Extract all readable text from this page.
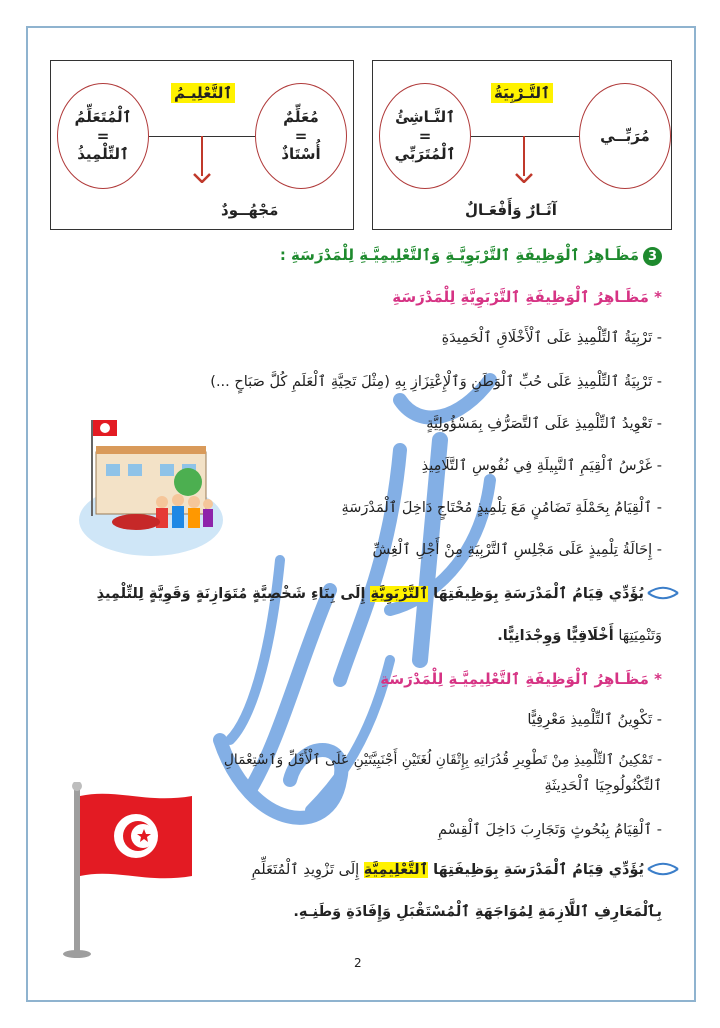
ٱلتَّعْلِيـمُ
ٱلْمُتَعَلِّمُ
=
ٱلتِّلْمِيذُ
مُعَلِّمٌ
=
أُسْتَاذٌ
مَجْهُــودٌ
ٱلتَّـرْبِيَةُ
ٱلنَّـاشِئُ
=
ٱلْمُتَرَبِّي
مُرَبِّــي
آثَـارٌ وَأَفْعَـالٌ
3مَظَـاهِرُ ٱلْوَظِيفَةِ ٱلتَّرْبَوِيَّـةِ وَٱلتَّعْلِيمِيَّـةِ لِلْمَدْرَسَةِ :
* مَظَـاهِرُ ٱلْوَظِيفَةِ ٱلتَّرْبَوِيَّةِ لِلْمَدْرَسَةِ
- تَرْبِيَةُ ٱلتِّلْمِيذِ عَلَى ٱلْأَخْلَاقِ ٱلْحَمِيدَةِ
- تَرْبِيَةُ ٱلتِّلْمِيذِ عَلَى حُبِّ ٱلْوَطَنِ وَٱلْإِعْتِزَازِ بِهِ (مِثْلَ تَحِيَّةِ ٱلْعَلَمِ كُلَّ صَبَاحٍ ...)
- تَعْوِيدُ ٱلتِّلْمِيذِ عَلَى ٱلتَّصَرُّفِ بِمَسْؤُولِيَّةٍ
- غَرْسُ ٱلْقِيَمِ ٱلنَّبِيلَةِ فِي نُفُوسِ ٱلتَّلَامِيذِ
- ٱلْقِيَامُ بِحَمْلَةِ تَضَامُنٍ مَعَ تِلْمِيذٍ مُحْتَاجٍ دَاخِلَ ٱلْمَدْرَسَةِ
- إِحَالَةُ تِلْمِيذٍ عَلَى مَجْلِسِ ٱلتَّرْبِيَةِ مِنْ أَجْلِ ٱلْغِشِّ
يُؤَدِّي قِيَامُ ٱلْمَدْرَسَةِ بِوَظِيفَتِهَا ٱلتَّرْبَوِيَّةِ إِلَى بِنَاءِ شَخْصِيَّةٍ مُتَوَازِنَةٍ وَقَوِيَّةٍ لِلتِّلْمِيذِ
وَتَنْمِيَتِهَا أَخْلَاقِيًّا وَوِجْدَانِيًّا.
* مَظَـاهِرُ ٱلْوَظِيفَةِ ٱلتَّعْلِيمِيَّـةِ لِلْمَدْرَسَةِ
- تَكْوِينُ ٱلتِّلْمِيذِ مَعْرِفِيًّا
- تَمْكِينُ ٱلتِّلْمِيذِ مِنْ تَطْوِيرِ قُدُرَاتِهِ بِإِتْقَانِ لُغَتَيْنِ أَجْنَبِيَّتَيْنِ عَلَى ٱلْأَقَلِّ وَٱسْتِعْمَالِ
ٱلتِّكْنُولُوجِيَا ٱلْحَدِيثَةِ
- ٱلْقِيَامُ بِبُحُوثٍ وَتَجَارِبَ دَاخِلَ ٱلْقِسْمِ
يُؤَدِّي قِيَامُ ٱلْمَدْرَسَةِ بِوَظِيفَتِهَا ٱلتَّعْلِيمِيَّةِ إِلَى تَزْوِيدِ ٱلْمُتَعَلِّمِ
بِٱلْمَعَارِفِ ٱللَّازِمَةِ لِمُوَاجَهَةِ ٱلْمُسْتَقْبَلِ وَإِفَادَةِ وَطَنِـهِ.
2
